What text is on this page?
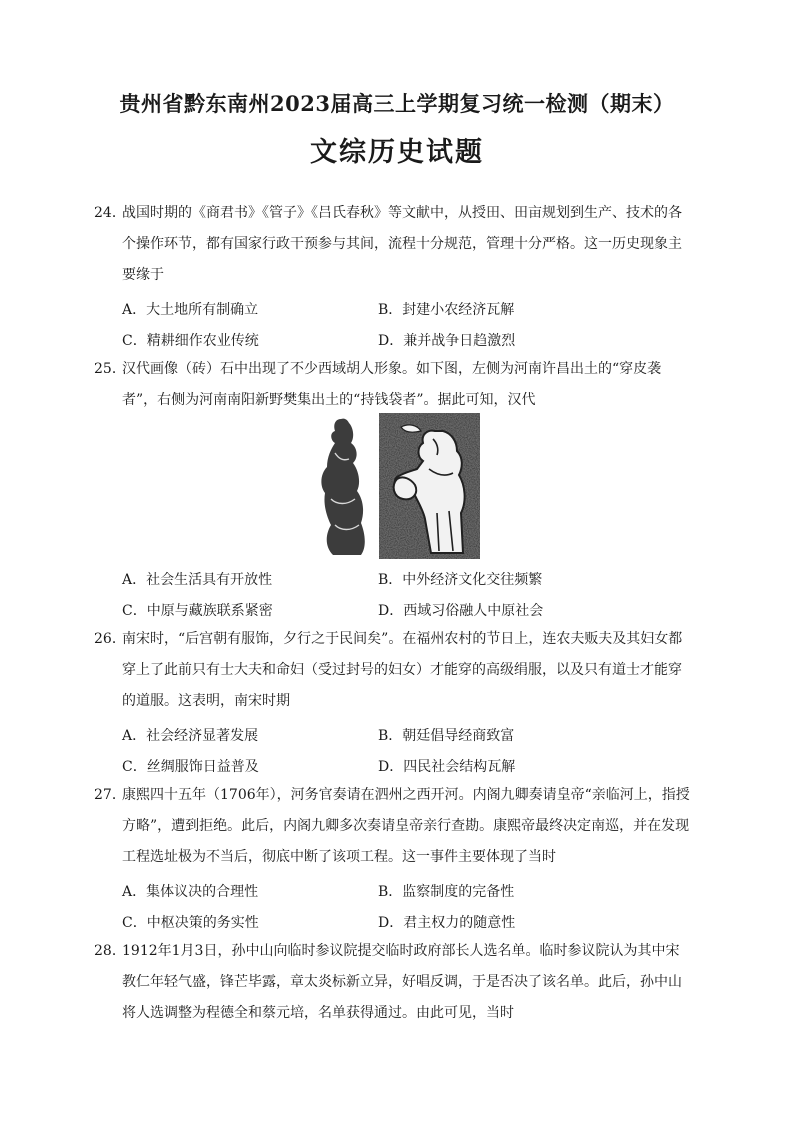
贵州省黔东南州2023届高三上学期复习统一检测（期末）
文综历史试题
24．
战国时期的《商君书》《管子》《吕氏春秋》等文献中，从授田、田亩规划到生产、技术的各个操作环节，都有国家行政干预参与其间，流程十分规范，管理十分严格。这一历史现象主要缘于
A．大土地所有制确立	B．封建小农经济瓦解
C．精耕细作农业传统	D．兼并战争日趋激烈
25．
汉代画像（砖）石中出现了不少西域胡人形象。如下图，左侧为河南许昌出土的“穿皮袭者”，右侧为河南南阳新野樊集出土的“持钱袋者”。据此可知，汉代
A．社会生活具有开放性	B．中外经济文化交往频繁
C．中原与藏族联系紧密	D．西域习俗融人中原社会
26．
南宋时，“后宫朝有服饰，夕行之于民间矣”。在福州农村的节日上，连农夫贩夫及其妇女都穿上了此前只有士大夫和命妇（受过封号的妇女）才能穿的高级绢服，以及只有道士才能穿的道服。这表明，南宋时期
A．社会经济显著发展	B．朝廷倡导经商致富
C．丝绸服饰日益普及	D．四民社会结构瓦解
27．
康熙四十五年（1706年），河务官奏请在泗州之西开河。内阁九卿奏请皇帝“亲临河上，指授方略”，遭到拒绝。此后，内阁九卿多次奏请皇帝亲行查勘。康熙帝最终决定南巡，并在发现工程选址极为不当后，彻底中断了该项工程。这一事件主要体现了当时
A．集体议决的合理性	B．监察制度的完备性
C．中枢决策的务实性	D．君主权力的随意性
28．
1912年1月3日，孙中山向临时参议院提交临时政府部长人选名单。临时参议院认为其中宋教仁年轻气盛，锋芒毕露，章太炎标新立异，好唱反调，于是否决了该名单。此后，孙中山将人选调整为程德全和蔡元培，名单获得通过。由此可见，当时
